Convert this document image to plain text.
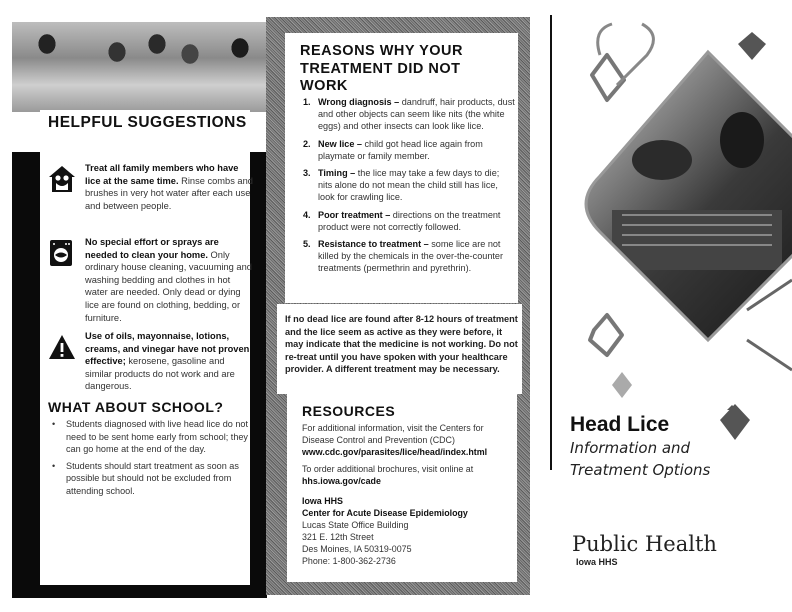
HELPFUL SUGGESTIONS
Treat all family members who have lice at the same time. Rinse combs and brushes in very hot water after each use and between people.
No special effort or sprays are needed to clean your home. Only ordinary house cleaning, vacuuming and washing bedding and clothes in hot water are needed. Only dead or dying lice are found on clothing, bedding, or furniture.
Use of oils, mayonnaise, lotions, creams, and vinegar have not proven effective; kerosene, gasoline and similar products do not work and are dangerous.
WHAT ABOUT SCHOOL?
• Students diagnosed with live head lice do not need to be sent home early from school; they can go home at the end of the day.
• Students should start treatment as soon as possible but should not be excluded from attending school.
REASONS WHY YOUR TREATMENT DID NOT WORK
1. Wrong diagnosis – dandruff, hair products, dust and other objects can seem like nits (the white eggs) and other insects can look like lice.
2. New lice – child got head lice again from playmate or family member.
3. Timing – the lice may take a few days to die; nits alone do not mean the child still has lice, look for crawling lice.
4. Poor treatment – directions on the treatment product were not correctly followed.
5. Resistance to treatment – some lice are not killed by the chemicals in the over-the-counter treatments (permethrin and pyrethrin).
If no dead lice are found after 8-12 hours of treatment and the lice seem as active as they were before, it may indicate that the medicine is not working. Do not re-treat until you have spoken with your healthcare provider. A different treatment may be necessary.
RESOURCES

For additional information, visit the Centers for Disease Control and Prevention (CDC)
www.cdc.gov/parasites/lice/head/index.html

To order additional brochures, visit online at
hhs.iowa.gov/cade

Iowa HHS
Center for Acute Disease Epidemiology
Lucas State Office Building
321 E. 12th Street
Des Moines, IA 50319-0075
Phone: 1-800-362-2736

Head Lice
Information and
Treatment Options
Public Health
Iowa HHS
